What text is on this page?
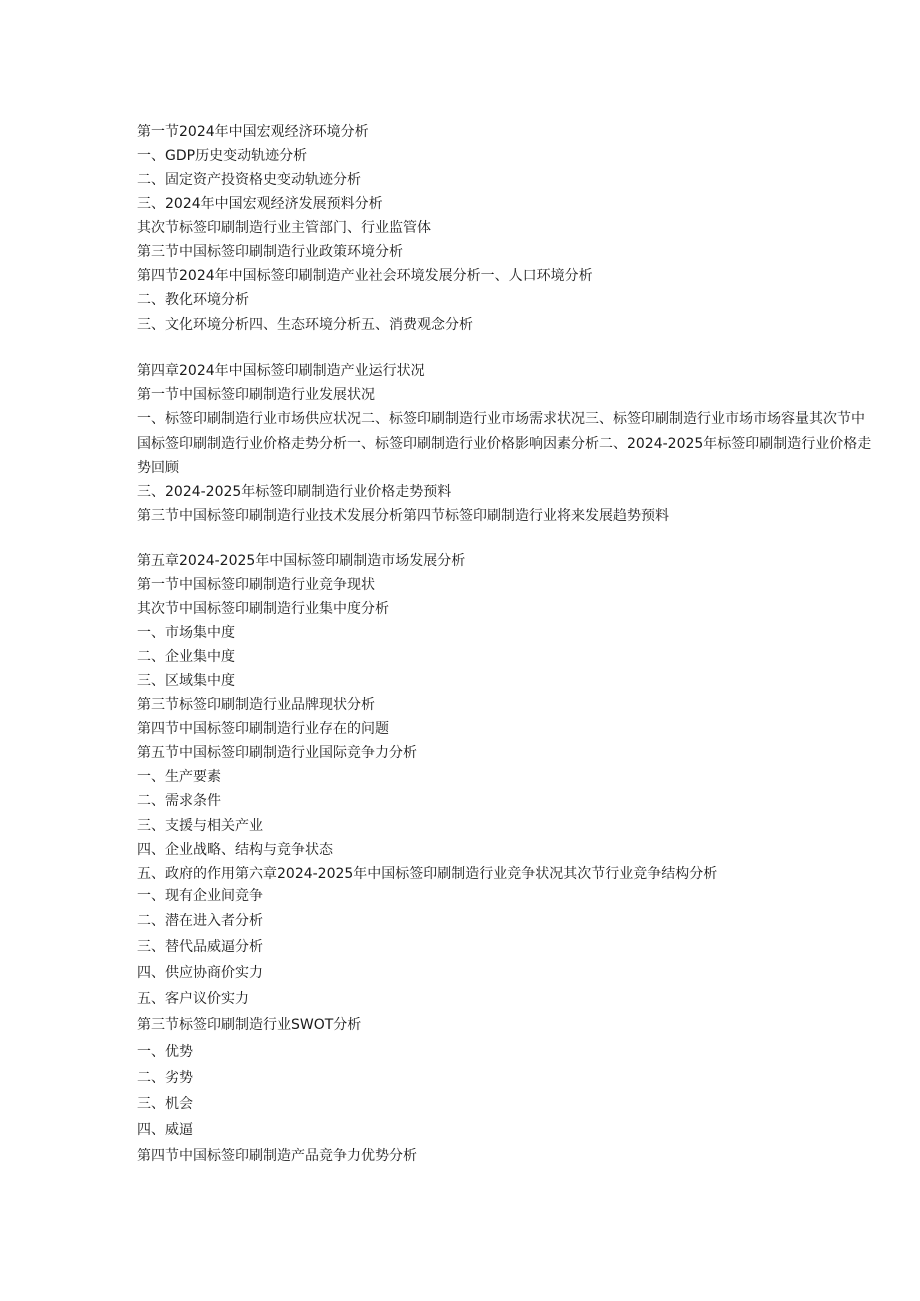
第一节2024年中国宏观经济环境分析
一、GDP历史变动轨迹分析
二、固定资产投资格史变动轨迹分析
三、2024年中国宏观经济发展预料分析
其次节标签印刷制造行业主管部门、行业监管体
第三节中国标签印刷制造行业政策环境分析
第四节2024年中国标签印刷制造产业社会环境发展分析一、人口环境分析
二、教化环境分析
三、文化环境分析四、生态环境分析五、消费观念分析
第四章2024年中国标签印刷制造产业运行状况
第一节中国标签印刷制造行业发展状况
一、标签印刷制造行业市场供应状况二、标签印刷制造行业市场需求状况三、标签印刷制造行业市场市场容量其次节中国标签印刷制造行业价格走势分析一、标签印刷制造行业价格影响因素分析二、2024-2025年标签印刷制造行业价格走势回顾
三、2024-2025年标签印刷制造行业价格走势预料
第三节中国标签印刷制造行业技术发展分析第四节标签印刷制造行业将来发展趋势预料
第五章2024-2025年中国标签印刷制造市场发展分析
第一节中国标签印刷制造行业竞争现状
其次节中国标签印刷制造行业集中度分析
一、市场集中度
二、企业集中度
三、区域集中度
第三节标签印刷制造行业品牌现状分析
第四节中国标签印刷制造行业存在的问题
第五节中国标签印刷制造行业国际竞争力分析
一、生产要素
二、需求条件
三、支援与相关产业
四、企业战略、结构与竞争状态
五、政府的作用第六章2024-2025年中国标签印刷制造行业竞争状况其次节行业竞争结构分析
一、现有企业间竞争
二、潜在进入者分析
三、替代品威逼分析
四、供应协商价实力
五、客户议价实力
第三节标签印刷制造行业SWOT分析
一、优势
二、劣势
三、机会
四、威逼
第四节中国标签印刷制造产品竞争力优势分析
